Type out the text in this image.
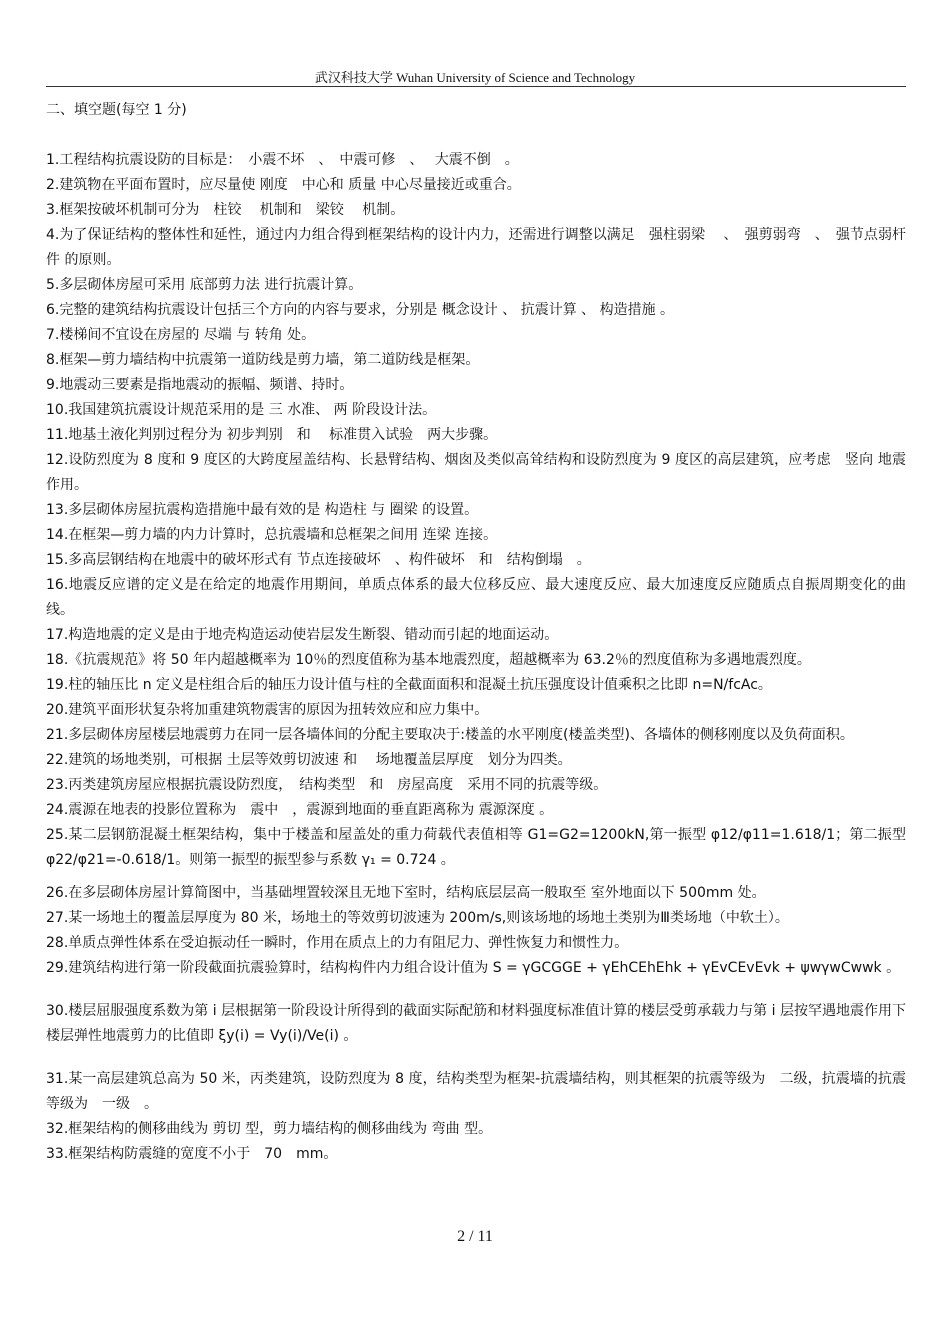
武汉科技大学 Wuhan University of Science and Technology
二、填空题(每空 1 分)

1.工程结构抗震设防的目标是：　小震不坏　、　中震可修　、　 大震不倒　。

2.建筑物在平面布置时，应尽量使 刚度　中心和 质量 中心尽量接近或重合。

3.框架按破坏机制可分为　柱铰　 机制和　梁铰　 机制。

4.为了保证结构的整体性和延性，通过内力组合得到框架结构的设计内力，还需进行调整以满足　强柱弱梁　 、　强剪弱弯　、　强节点弱杆件 的原则。

5.多层砌体房屋可采用 底部剪力法 进行抗震计算。

6.完整的建筑结构抗震设计包括三个方向的内容与要求，分别是 概念设计 、 抗震计算 、 构造措施 。

7.楼梯间不宜设在房屋的 尽端 与 转角 处。

8.框架—剪力墙结构中抗震第一道防线是剪力墙，第二道防线是框架。

9.地震动三要素是指地震动的振幅、频谱、持时。

10.我国建筑抗震设计规范采用的是 三 水准、 两 阶段设计法。

11.地基土液化判别过程分为 初步判别　和　 标准贯入试验　两大步骤。

12.设防烈度为 8 度和 9 度区的大跨度屋盖结构、长悬臂结构、烟囱及类似高耸结构和设防烈度为 9 度区的高层建筑，应考虑　竖向 地震作用。

13.多层砌体房屋抗震构造措施中最有效的是 构造柱 与 圈梁 的设置。

14.在框架—剪力墙的内力计算时，总抗震墙和总框架之间用 连梁 连接。

15.多高层钢结构在地震中的破坏形式有 节点连接破坏　、构件破坏　和　结构倒塌　。

16.地震反应谱的定义是在给定的地震作用期间，单质点体系的最大位移反应、最大速度反应、最大加速度反应随质点自振周期变化的曲线。

17.构造地震的定义是由于地壳构造运动使岩层发生断裂、错动而引起的地面运动。

18.《抗震规范》将 50 年内超越概率为 10％的烈度值称为基本地震烈度，超越概率为 63.2％的烈度值称为多遇地震烈度。

19.柱的轴压比 n 定义是柱组合后的轴压力设计值与柱的全截面面积和混凝土抗压强度设计值乘积之比即 n=N/fcAc。

20.建筑平面形状复杂将加重建筑物震害的原因为扭转效应和应力集中。

21.多层砌体房屋楼层地震剪力在同一层各墙体间的分配主要取决于:楼盖的水平刚度(楼盖类型)、各墙体的侧移刚度以及负荷面积。

22.建筑的场地类别，可根据 土层等效剪切波速 和　 场地覆盖层厚度　划分为四类。

23.丙类建筑房屋应根据抗震设防烈度，　结构类型　和　房屋高度　采用不同的抗震等级。

24.震源在地表的投影位置称为　震中　，震源到地面的垂直距离称为 震源深度 。

25.某二层钢筋混凝土框架结构，集中于楼盖和屋盖处的重力荷载代表值相等 G1=G2=1200kN,第一振型 φ12/φ11=1.618/1；第二振型 φ22/φ21=-0.618/1。则第一振型的振型参与系数 γ₁ = 0.724 。

26.在多层砌体房屋计算简图中，当基础埋置较深且无地下室时，结构底层层高一般取至 室外地面以下 500mm 处。

27.某一场地土的覆盖层厚度为 80 米，场地土的等效剪切波速为 200m/s,则该场地的场地土类别为Ⅲ类场地（中软土）。

28.单质点弹性体系在受迫振动任一瞬时，作用在质点上的力有阻尼力、弹性恢复力和惯性力。

29.建筑结构进行第一阶段截面抗震验算时，结构构件内力组合设计值为 S = γGCGGE + γEhCEhEhk + γEvCEvEvk + ψwγwCwwk 。

30.楼层屈服强度系数为第 i 层根据第一阶段设计所得到的截面实际配筋和材料强度标准值计算的楼层受剪承载力与第 i 层按罕遇地震作用下楼层弹性地震剪力的比值即 ξy(i) = Vy(i)/Ve(i) 。

31.某一高层建筑总高为 50 米，丙类建筑，设防烈度为 8 度，结构类型为框架-抗震墙结构，则其框架的抗震等级为　二级，抗震墙的抗震等级为　一级　。

32.框架结构的侧移曲线为 剪切 型，剪力墙结构的侧移曲线为 弯曲 型。

33.框架结构防震缝的宽度不小于　70　mm。

2 / 11
